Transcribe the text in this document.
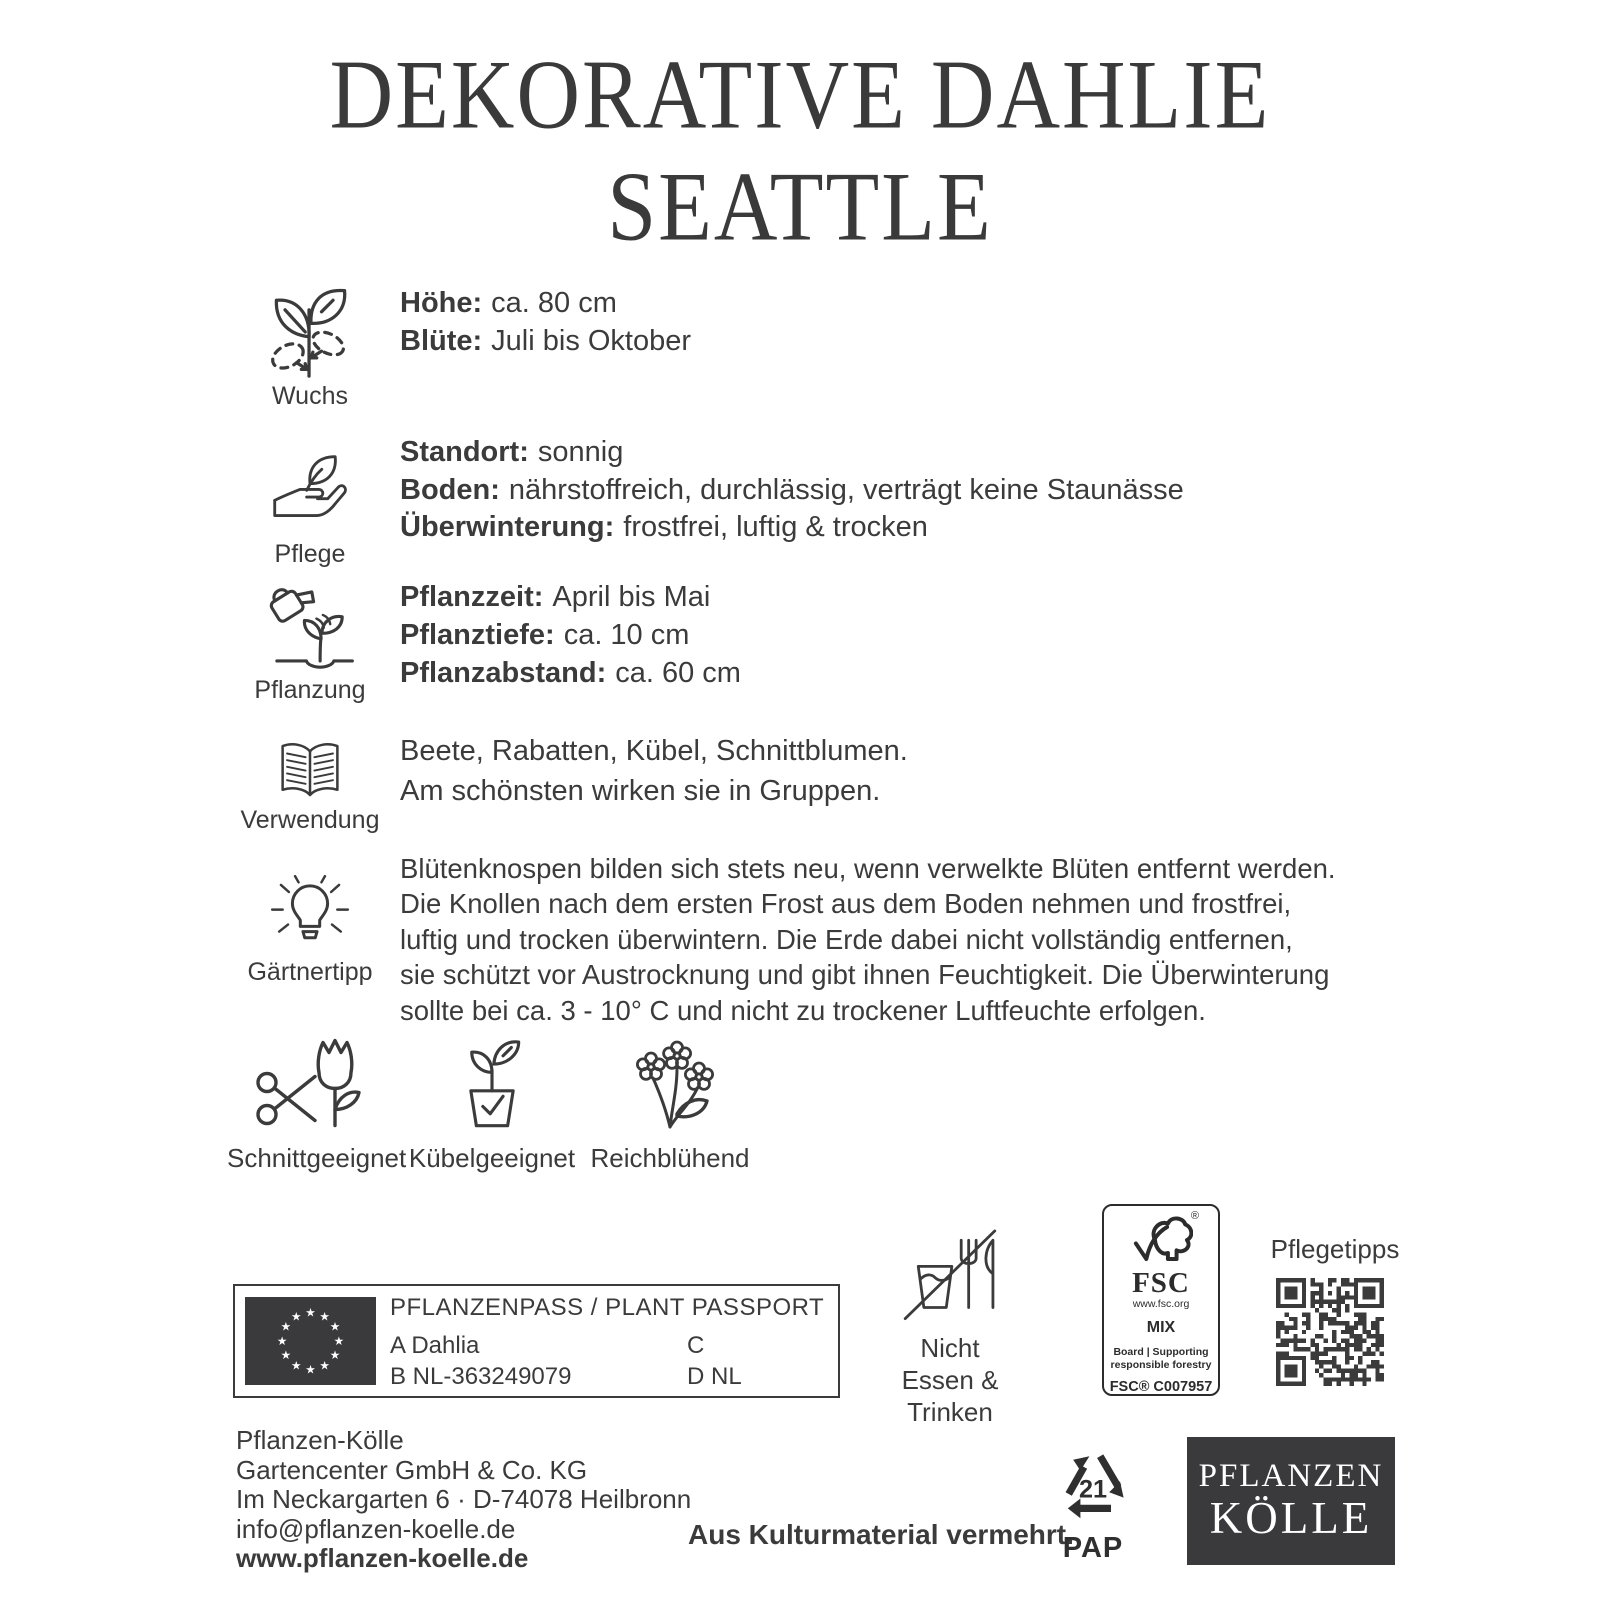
DEKORATIVE DAHLIE
SEATTLE
Wuchs
Höhe: ca. 80 cm
Blüte: Juli bis Oktober
Pflege
Standort: sonnig
Boden: nährstoffreich, durchlässig, verträgt keine Staunässe
Überwinterung: frostfrei, luftig & trocken
Pflanzung
Pflanzzeit: April bis Mai
Pflanztiefe: ca. 10 cm
Pflanzabstand: ca. 60 cm
Verwendung
Beete, Rabatten, Kübel, Schnittblumen.
Am schönsten wirken sie in Gruppen.
Gärtnertipp
Blütenknospen bilden sich stets neu, wenn verwelkte Blüten entfernt werden.
Die Knollen nach dem ersten Frost aus dem Boden nehmen und frostfrei,
luftig und trocken überwintern. Die Erde dabei nicht vollständig entfernen,
sie schützt vor Austrocknung und gibt ihnen Feuchtigkeit. Die Überwinterung
sollte bei ca. 3 - 10° C und nicht zu trockener Luftfeuchte erfolgen.
Schnittgeeignet Kübelgeeignet Reichblühend
★ ★
★
★
★
★
★
★
★
★
★
★	PFLANZENPASS / PLANT PASSPORT
A Dahlia
B NL-363249079
C
D NL
Nicht
Essen & Trinken
®
FSC
www.fsc.org
MIX
Board | Supporting
responsible forestry
FSC® C007957
Pflegetipps
Pflanzen-Kölle
Gartencenter GmbH & Co. KG
Im Neckargarten 6 · D-74078 Heilbronn
info@pflanzen-koelle.de
www.pflanzen-koelle.de
Aus Kulturmaterial vermehrt.
21
PAP
PFLANZEN
KÖLLE
